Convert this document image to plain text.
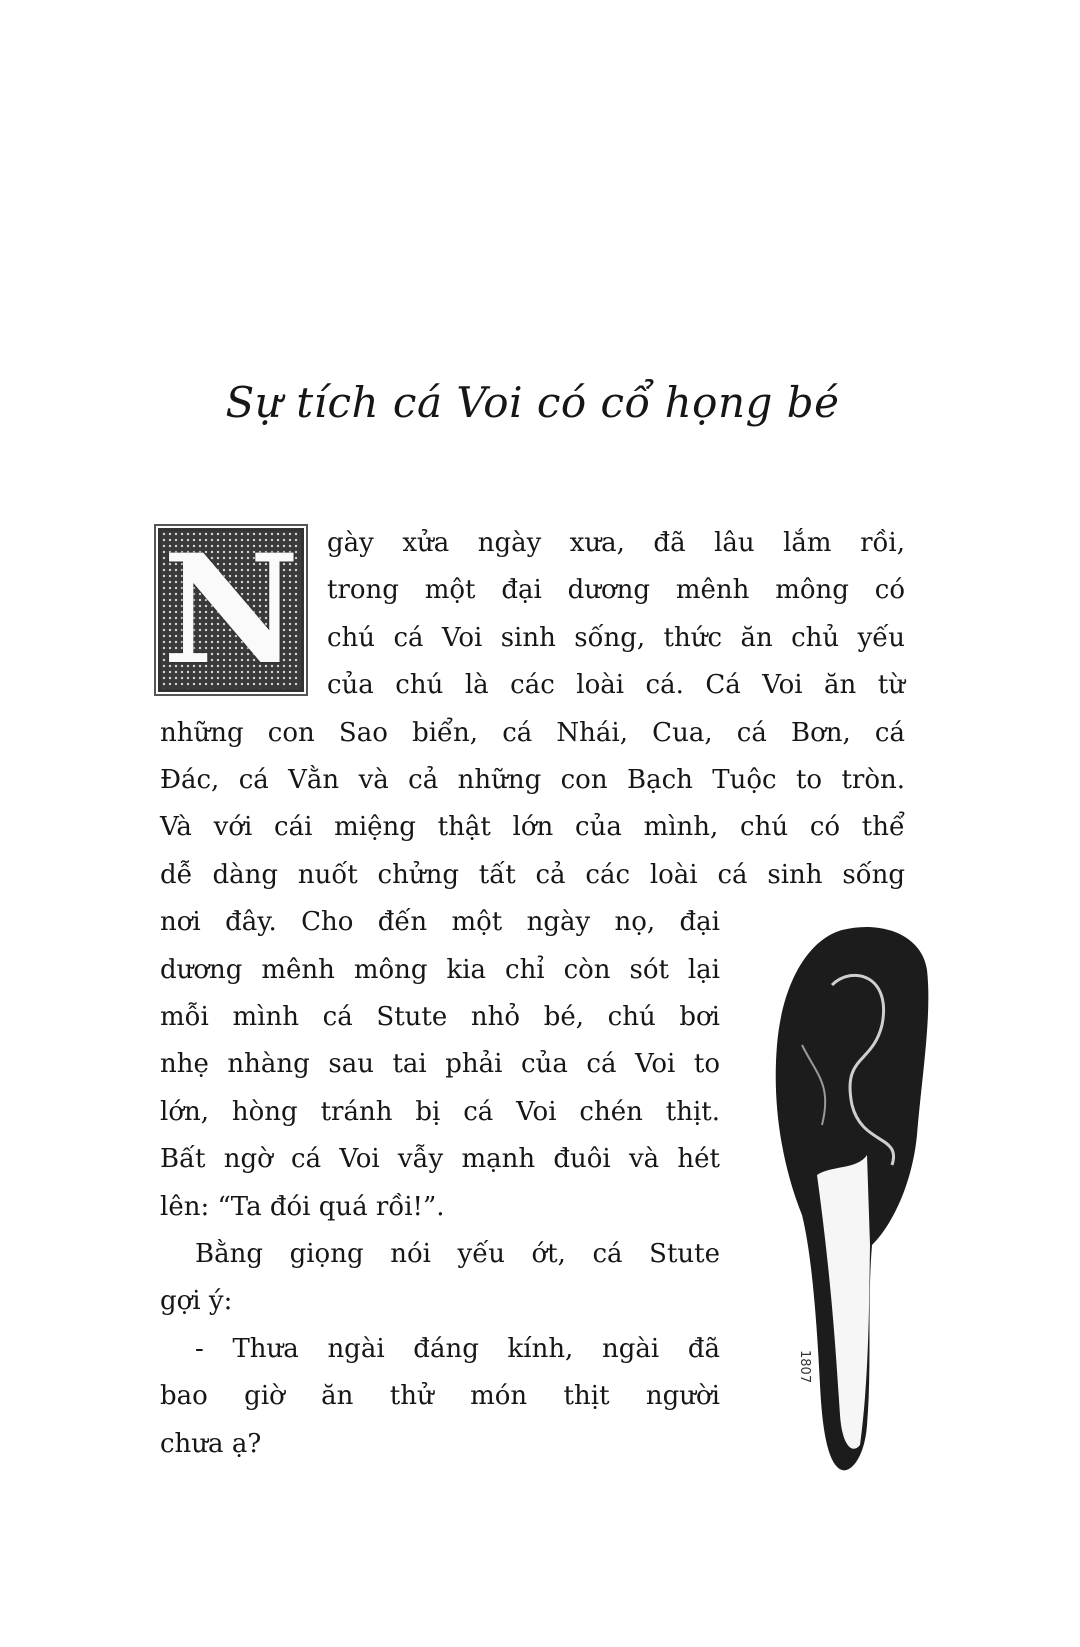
Sự tích cá Voi có cổ họng bé
N gày xửa ngày xưa, đã lâu lắm rồi,
trong một đại dương mênh mông có
chú cá Voi sinh sống, thức ăn chủ yếu
của chú là các loài cá. Cá Voi ăn từ
những con Sao biển, cá Nhái, Cua, cá Bơn, cá
Đác, cá Vằn và cả những con Bạch Tuộc to tròn.
Và với cái miệng thật lớn của mình, chú có thể
dễ dàng nuốt chửng tất cả các loài cá sinh sống
nơi đây. Cho đến một ngày nọ, đại
dương mênh mông kia chỉ còn sót lại
mỗi mình cá Stute nhỏ bé, chú bơi
nhẹ nhàng sau tai phải của cá Voi to
lớn, hòng tránh bị cá Voi chén thịt.
Bất ngờ cá Voi vẫy mạnh đuôi và hét
lên: “Ta đói quá rồi!”.
Bằng giọng nói yếu ớt, cá Stute
gợi ý:
- Thưa ngài đáng kính, ngài đã
bao giờ ăn thử món thịt người
chưa ạ?
1807
